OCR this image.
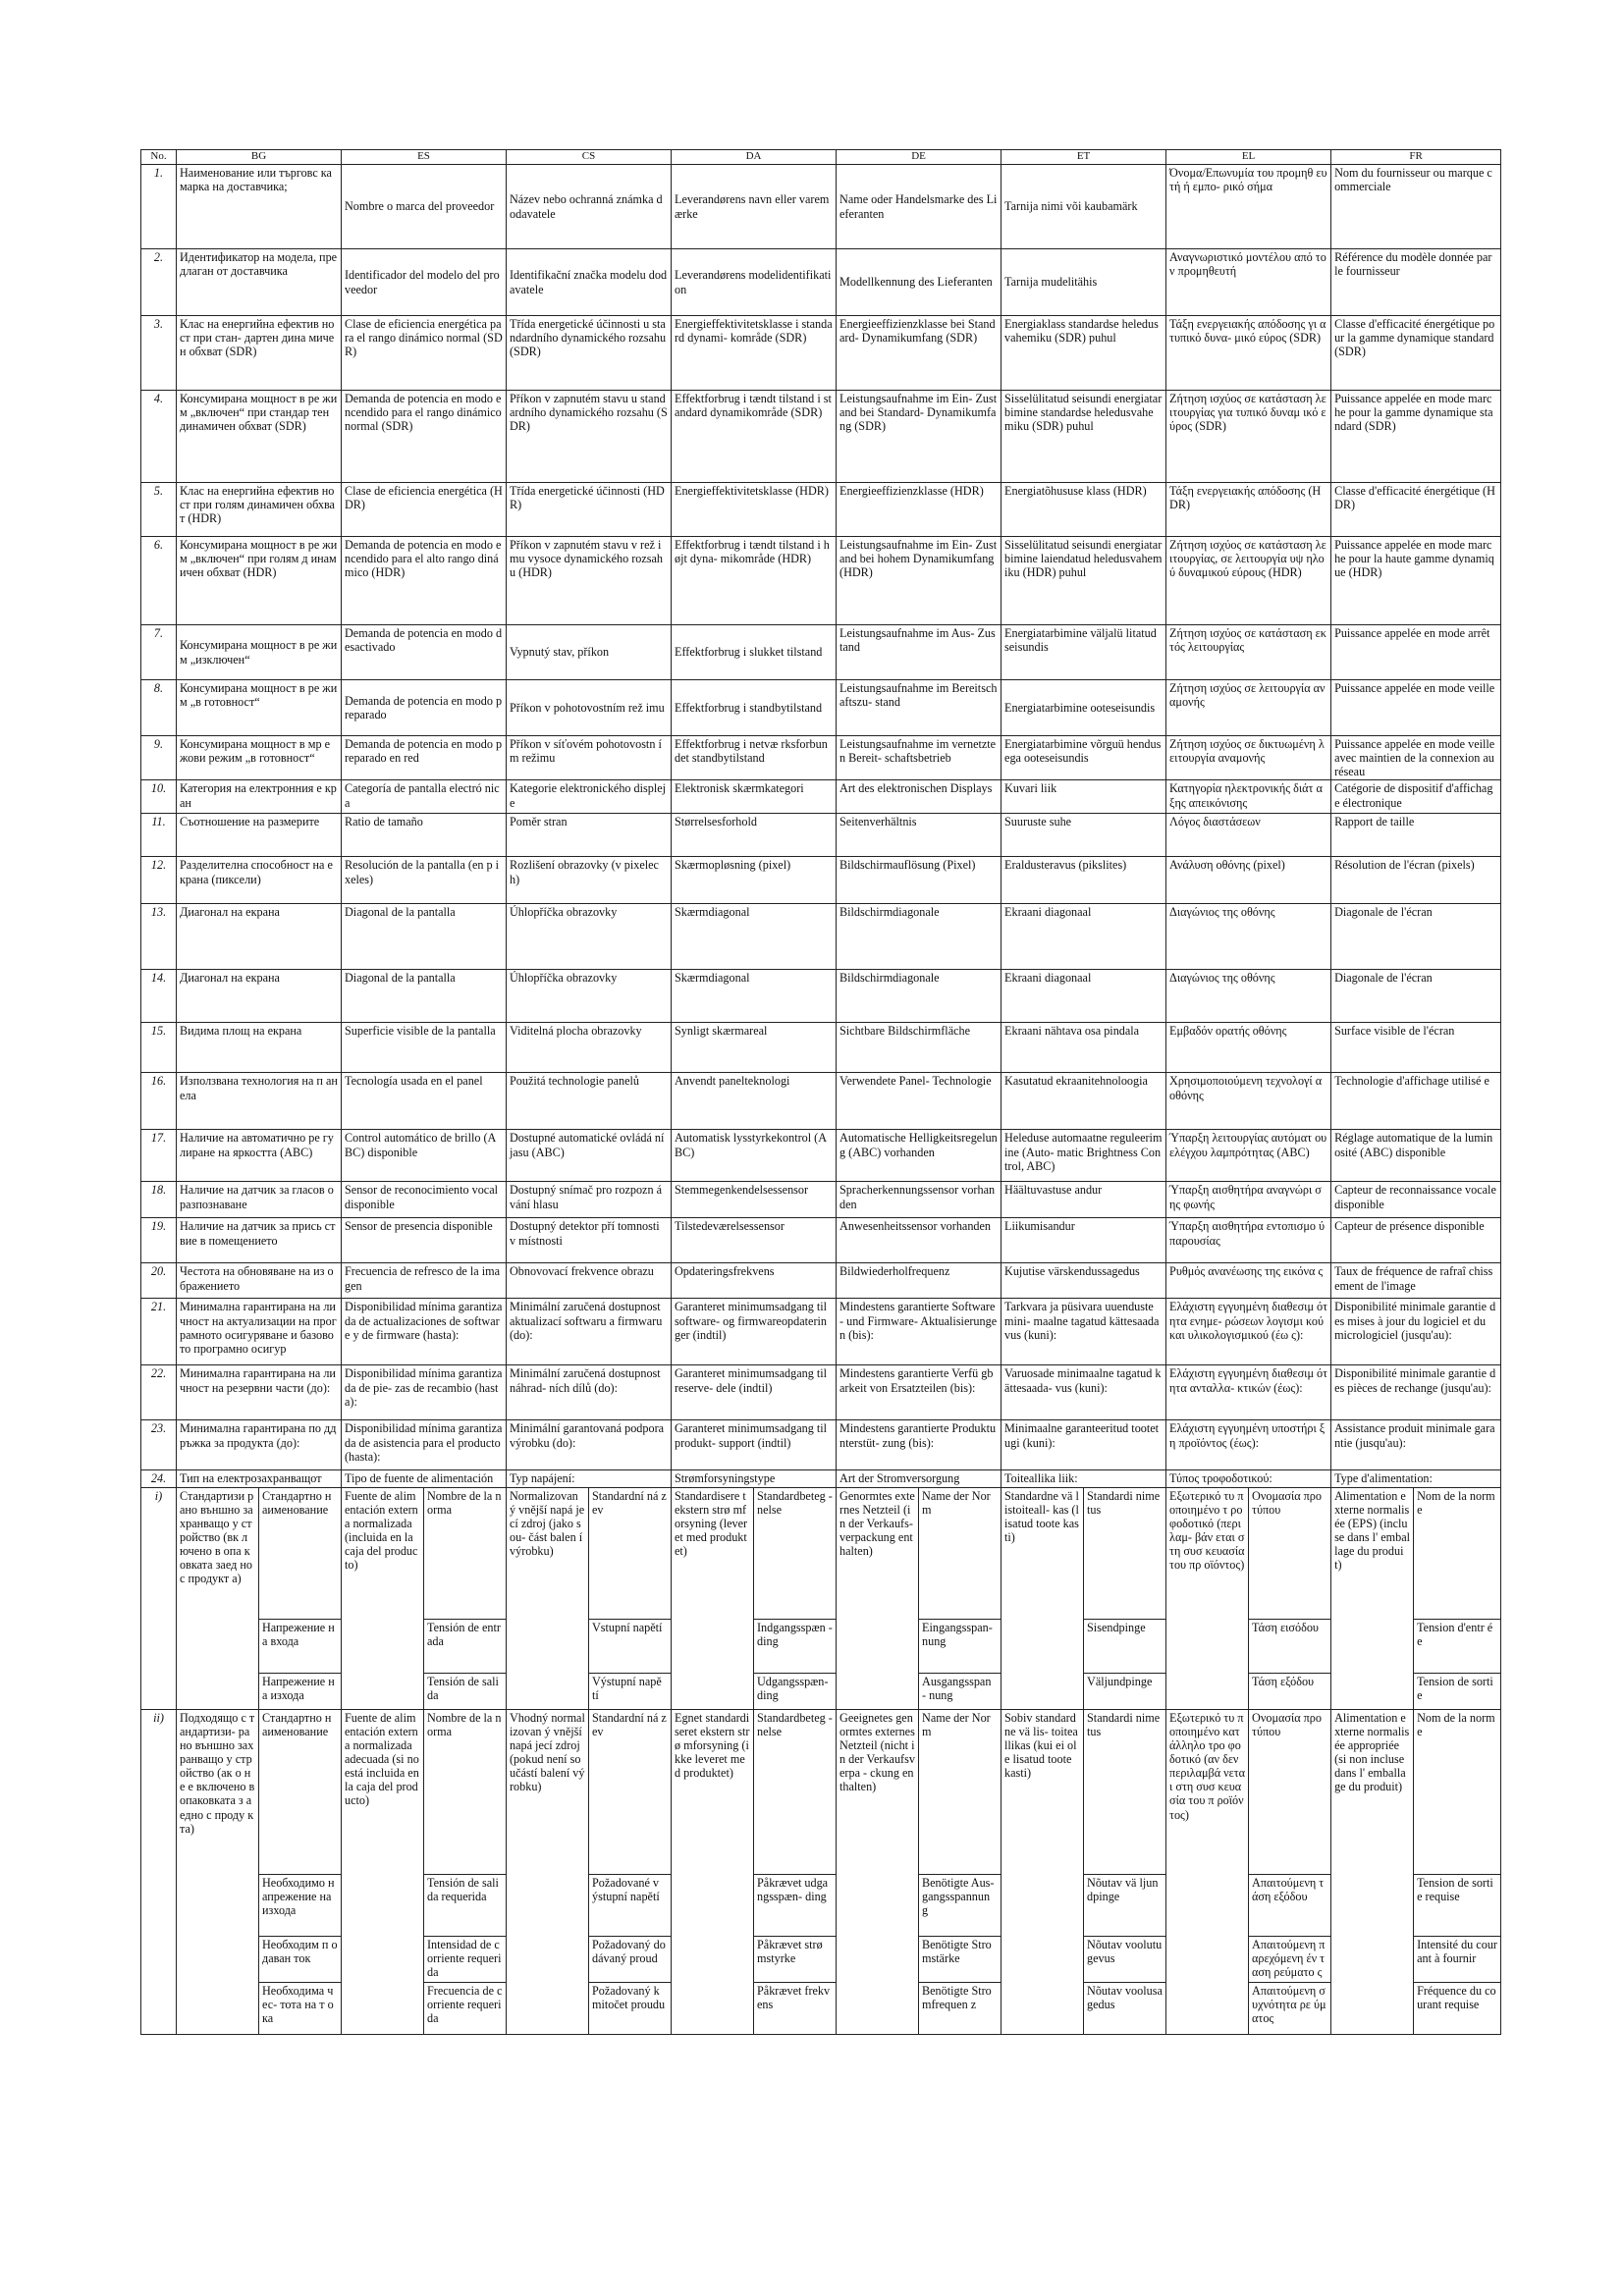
No.	BG		ES		CS		DA		DE		ET		EL		FR	
1.	Наименование или търговс ка марка на доставчика;		Nombre o marca del proveedor		Název nebo ochranná známka dodavatele		Leverandørens navn eller varemærke		Name oder Handelsmarke des Lieferanten		Tarnija nimi või kaubamärk		Όνομα/Επωνυμία του προμηθ ευτή ή εμπο- ρικό σήμα		Nom du fournisseur ou marque commerciale	
2.	Идентификатор на модела, предлаган от доставчика		Identificador del modelo del proveedor		Identifikační značka modelu dodavatele		Leverandørens modelidentifikation		Modellkennung des Lieferanten		Tarnija mudelitähis		Αναγνωριστικό μοντέλου από τον προμηθευτή		Référence du modèle donnée par le fournisseur	
3.	Клас на енергийна ефектив ност при стан- дартен дина мичен обхват (SDR)		Clase de eficiencia energética para el rango dinámico normal (SDR)		Třída energetické účinnosti u standardního dynamického rozsahu (SDR)		Energieffektivitetsklasse i standard dynami- kområde (SDR)		Energieeffizienzklasse bei Standard- Dynamikumfang (SDR)		Energiaklass standardse heledusvahemiku (SDR) puhul		Τάξη ενεργειακής απόδοσης γι α τυπικό δυνα- μικό εύρος (SDR)		Classe d'efficacité énergétique pour la gamme dynamique standard (SDR)	
4.	Консумирана мощност в ре жим „включен“ при стандар тен динамичен обхват (SDR)		Demanda de potencia en modo encendido para el rango dinámico normal (SDR)		Příkon v zapnutém stavu u standardního dynamického rozsahu (SDR)		Effektforbrug i tændt tilstand i standard dynamikområde (SDR)		Leistungsaufnahme im Ein- Zustand bei Standard- Dynamikumfang (SDR)		Sisselülitatud seisundi energiatarbimine standardse heledusvahemiku (SDR) puhul		Ζήτηση ισχύος σε κατάσταση λειτουργίας για τυπικό δυναμ ικό εύρος (SDR)		Puissance appelée en mode marche pour la gamme dynamique standard (SDR)	
5.	Клас на енергийна ефектив ност при голям динамичен обхват (HDR)		Clase de eficiencia energética (HDR)		Třída energetické účinnosti (HDR)		Energieffektivitetsklasse (HDR)		Energieeffizienzklasse (HDR)		Energiatõhususe klass (HDR)		Τάξη ενεργειακής απόδοσης (HDR)		Classe d'efficacité énergétique (HDR)	
6.	Консумирана мощност в ре жим „включен“ при голям д инамичен обхват (HDR)		Demanda de potencia en modo encendido para el alto rango dinámico (HDR)		Příkon v zapnutém stavu v rež imu vysoce dynamického rozsahu (HDR)		Effektforbrug i tændt tilstand i højt dyna- mikområde (HDR)		Leistungsaufnahme im Ein- Zustand bei hohem Dynamikumfang (HDR)		Sisselülitatud seisundi energiatarbimine laiendatud heledusvahemiku (HDR) puhul		Ζήτηση ισχύος σε κατάσταση λειτουργίας, σε λειτουργία υψ ηλού δυναμικού εύρους (HDR)		Puissance appelée en mode marche pour la haute gamme dynamique (HDR)	
7.	Консумирана мощност в ре жим „изключен“		Demanda de potencia en modo desactivado		Vypnutý stav, příkon		Effektforbrug i slukket tilstand		Leistungsaufnahme im Aus- Zustand		Energiatarbimine väljalü litatud seisundis		Ζήτηση ισχύος σε κατάσταση εκτός λειτουργίας		Puissance appelée en mode arrêt	
8.	Консумирана мощност в ре жим „в готовност“		Demanda de potencia en modo preparado		Příkon v pohotovostním rež imu		Effektforbrug i standbytilstand		Leistungsaufnahme im Bereitschaftszu- stand		Energiatarbimine ooteseisundis		Ζήτηση ισχύος σε λειτουργία αναμονής		Puissance appelée en mode veille	
9.	Консумирана мощност в мр ежови режим „в готовност“		Demanda de potencia en modo preparado en red		Příkon v síťovém pohotovostn ím režimu		Effektforbrug i netvæ rksforbundet standbytilstand		Leistungsaufnahme im vernetzten Bereit- schaftsbetrieb		Energiatarbimine võrguü hendusega ooteseisundis		Ζήτηση ισχύος σε δικτυωμένη λειτουργία αναμονής		Puissance appelée en mode veille avec maintien de la connexion au réseau	
10.	Категория на електронния е кран		Categoría de pantalla electró nica		Kategorie elektronického displeje		Elektronisk skærmkategori		Art des elektronischen Displays		Kuvari liik		Κατηγορία ηλεκτρονικής διάτ αξης απεικόνισης		Catégorie de dispositif d'affichage électronique	
11.	Съотношение на размерите		Ratio de tamaño		Poměr stran		Størrelsesforhold		Seitenverhältnis		Suuruste suhe		Λόγος διαστάσεων		Rapport de taille	
12.	Разделителна способност на екрана (пиксели)		Resolución de la pantalla (en p ixeles)		Rozlišení obrazovky (v pixelech)		Skærmopløsning (pixel)		Bildschirmauflösung (Pixel)		Eraldusteravus (pikslites)		Ανάλυση οθόνης (pixel)		Résolution de l'écran (pixels)	
13.	Диагонал на екрана		Diagonal de la pantalla		Úhlopříčka obrazovky		Skærmdiagonal		Bildschirmdiagonale		Ekraani diagonaal		Διαγώνιος της οθόνης		Diagonale de l'écran	
14.	Диагонал на екрана		Diagonal de la pantalla		Úhlopříčka obrazovky		Skærmdiagonal		Bildschirmdiagonale		Ekraani diagonaal		Διαγώνιος της οθόνης		Diagonale de l'écran	
15.	Видима площ на екрана		Superficie visible de la pantalla		Viditelná plocha obrazovky		Synligt skærmareal		Sichtbare Bildschirmfläche		Ekraani nähtava osa pindala		Εμβαδόν ορατής οθόνης		Surface visible de l'écran	
16.	Използвана технология на п анела		Tecnología usada en el panel		Použitá technologie panelů		Anvendt panelteknologi		Verwendete Panel- Technologie		Kasutatud ekraanitehnoloogia		Χρησιμοποιούμενη τεχνολογί α οθόνης		Technologie d'affichage utilisé e	
17.	Наличие на автоматично ре гулиране на яркостта (ABC)		Control automático de brillo (ABC) disponible		Dostupné automatické ovládá ní jasu (ABC)		Automatisk lysstyrkekontrol (ABC)		Automatische Helligkeitsregelung (ABC) vorhanden		Heleduse automaatne reguleerimine (Auto- matic Brightness Control, ABC)		Ύπαρξη λειτουργίας αυτόματ ου ελέγχου λαμπρότητας (ABC)		Réglage automatique de la luminosité (ABC) disponible	
18.	Наличие на датчик за гласов о разпознаване		Sensor de reconocimiento vocal disponible		Dostupný snímač pro rozpozn ávání hlasu		Stemmegenkendelsessensor		Spracherkennungssensor vorhanden		Häältuvastuse andur		Ύπαρξη αισθητήρα αναγνώρι σης φωνής		Capteur de reconnaissance vocale disponible	
19.	Наличие на датчик за прись ствие в помещението		Sensor de presencia disponible		Dostupný detektor pří tomnosti v místnosti		Tilstedeværelsessensor		Anwesenheitssensor vorhanden		Liikumisandur		Ύπαρξη αισθητήρα εντοπισμο ύ παρουσίας		Capteur de présence disponible	
20.	Честота на обновяване на из ображението		Frecuencia de refresco de la imagen		Obnovovací frekvence obrazu		Opdateringsfrekvens		Bildwiederholfrequenz		Kujutise värskendussagedus		Ρυθμός ανανέωσης της εικόνα ς		Taux de fréquence de rafraî chissement de l'image	
21.	Минимална гарантирана на личност на актуализации на програмното осигуряване и базовото програмно осигур		Disponibilidad mínima garantizada de actualizaciones de software y de firmware (hasta):		Minimální zaručená dostupnost aktualizací softwaru a firmwaru (do):		Garanteret minimumsadgang til software- og firmwareopdateringer (indtil)		Mindestens garantierte Software- und Firmware- Aktualisierungen (bis):		Tarkvara ja püsivara uuenduste mini- maalne tagatud kättesaadavus (kuni):		Ελάχιστη εγγυημένη διαθεσιμ ότητα ενημε- ρώσεων λογισμι κού και υλικολογισμικού (έω ς):		Disponibilité minimale garantie des mises à jour du logiciel et du micrologiciel (jusqu'au):	
22.	Минимална гарантирана на личност на резервни части (до):		Disponibilidad mínima garantizada de pie- zas de recambio (hasta):		Minimální zaručená dostupnost náhrad- ních dílů (do):		Garanteret minimumsadgang til reserve- dele (indtil)		Mindestens garantierte Verfü gbarkeit von Ersatzteilen (bis):		Varuosade minimaalne tagatud kättesaada- vus (kuni):		Ελάχιστη εγγυημένη διαθεσιμ ότητα ανταλλα- κτικών (έως):		Disponibilité minimale garantie des pièces de rechange (jusqu'au):	
23.	Минимална гарантирана по ддръжка за продукта (до):		Disponibilidad mínima garantizada de asistencia para el producto (hasta):		Minimální garantovaná podpora výrobku (do):		Garanteret minimumsadgang til produkt- support (indtil)		Mindestens garantierte Produktunterstüt- zung (bis):		Minimaalne garanteeritud tootetugi (kuni):		Ελάχιστη εγγυημένη υποστήρι ξη προϊόντος (έως):		Assistance produit minimale garantie (jusqu'au):	
24.	Тип на електрозахранващот		Tipo de fuente de alimentación		Typ napájení:		Strømforsyningstype		Art der Stromversorgung		Toiteallika liik:		Τύπος τροφοδοτικού:		Type d'alimentation:	
i)	Стандартизи рано външно захранващо у стройство (вк лючено в опа ковката заед но с продукт а)	Стандартно н аименование	Fuente de alimentación externa normalizada (incluida en la caja del producto)	Nombre de la norma	Normalizovan ý vnější napá jecí zdroj (jako sou- část balen í výrobku)	Standardní ná zev	Standardisere t ekstern strø mforsyning (leveret med produktet)	Standardbeteg - nelse	Genormtes externes Netzteil (in der Verkaufs- verpackung enthalten)	Name der Norm	Standardne vä listoiteall- kas (lisatud toote kasti)	Standardi nimetus	Εξωτερικό τυ ποποιημένο τ ροφοδοτικό (περιλαμ- βάν εται στη συσ κευασία του πρ οϊόντος)	Ονομασία προ τύπου	Alimentation externe normalisée (EPS) (incluse dans l' emballage du produit)	Nom de la norme
		Напрежение на входа		Tensión de entrada		Vstupní napětí		Indgangsspæn - ding		Eingangsspan- nung		Sisendpinge		Τάση εισόδου		Tension d'entr ée
		Напрежение на изхода		Tensión de salida		Výstupní napě tí		Udgangsspæn- ding		Ausgangsspan - nung		Väljundpinge		Τάση εξόδου		Tension de sortie
ii)	Подходящо с тандартизи- рано външно захранващо у стройство (ак о не е включено в опаковката з аедно с проду кта)	Стандартно н аименование	Fuente de alimentación externa normalizada adecuada (si no está incluida en la caja del producto)	Nombre de la norma	Vhodný normalizovan ý vnější napá jecí zdroj (pokud není součástí balení výrobku)	Standardní ná zev	Egnet standardiseret ekstern strø mforsyning (ikke leveret med produktet)	Standardbeteg - nelse	Geeignetes genormtes externes Netzteil (nicht in der Verkaufsverpa - ckung enthalten)	Name der Norm	Sobiv standardne vä lis- toiteallikas (kui ei ole lisatud toote kasti)	Standardi nimetus	Εξωτερικό τυ ποποιημένο κατάλληλο τρο φοδοτικό (αν δεν περιλαμβά νεται στη συσ κευασία του π ροϊόντος)	Ονομασία προ τύπου	Alimentation externe normalisée appropriée (si non incluse dans l' emballage du produit)	Nom de la norme
		Необходимо напрежение на изхода		Tensión de salida requerida		Požadované v ýstupní napětí		Påkrævet udgangsspæn- ding		Benötigte Aus- gangsspannun g		Nõutav vä ljundpinge		Απαιτούμενη τάση εξόδου		Tension de sortie requise
		Необходим п одаван ток		Intensidad de corriente requerida		Požadovaný dodávaný proud		Påkrævet strø mstyrke		Benötigte Stromstärke		Nõutav voolutugevus		Απαιτούμενη παρεχόμενη έν ταση ρεύματο ς		Intensité du courant à fournir
		Необходима чес- тота на т ока		Frecuencia de corriente requerida		Požadovaný kmitočet proudu		Påkrævet frekvens		Benötigte Stromfrequen z		Nõutav voolusagedus		Απαιτούμενη συχνότητα ρε ύματος		Fréquence du courant requise
